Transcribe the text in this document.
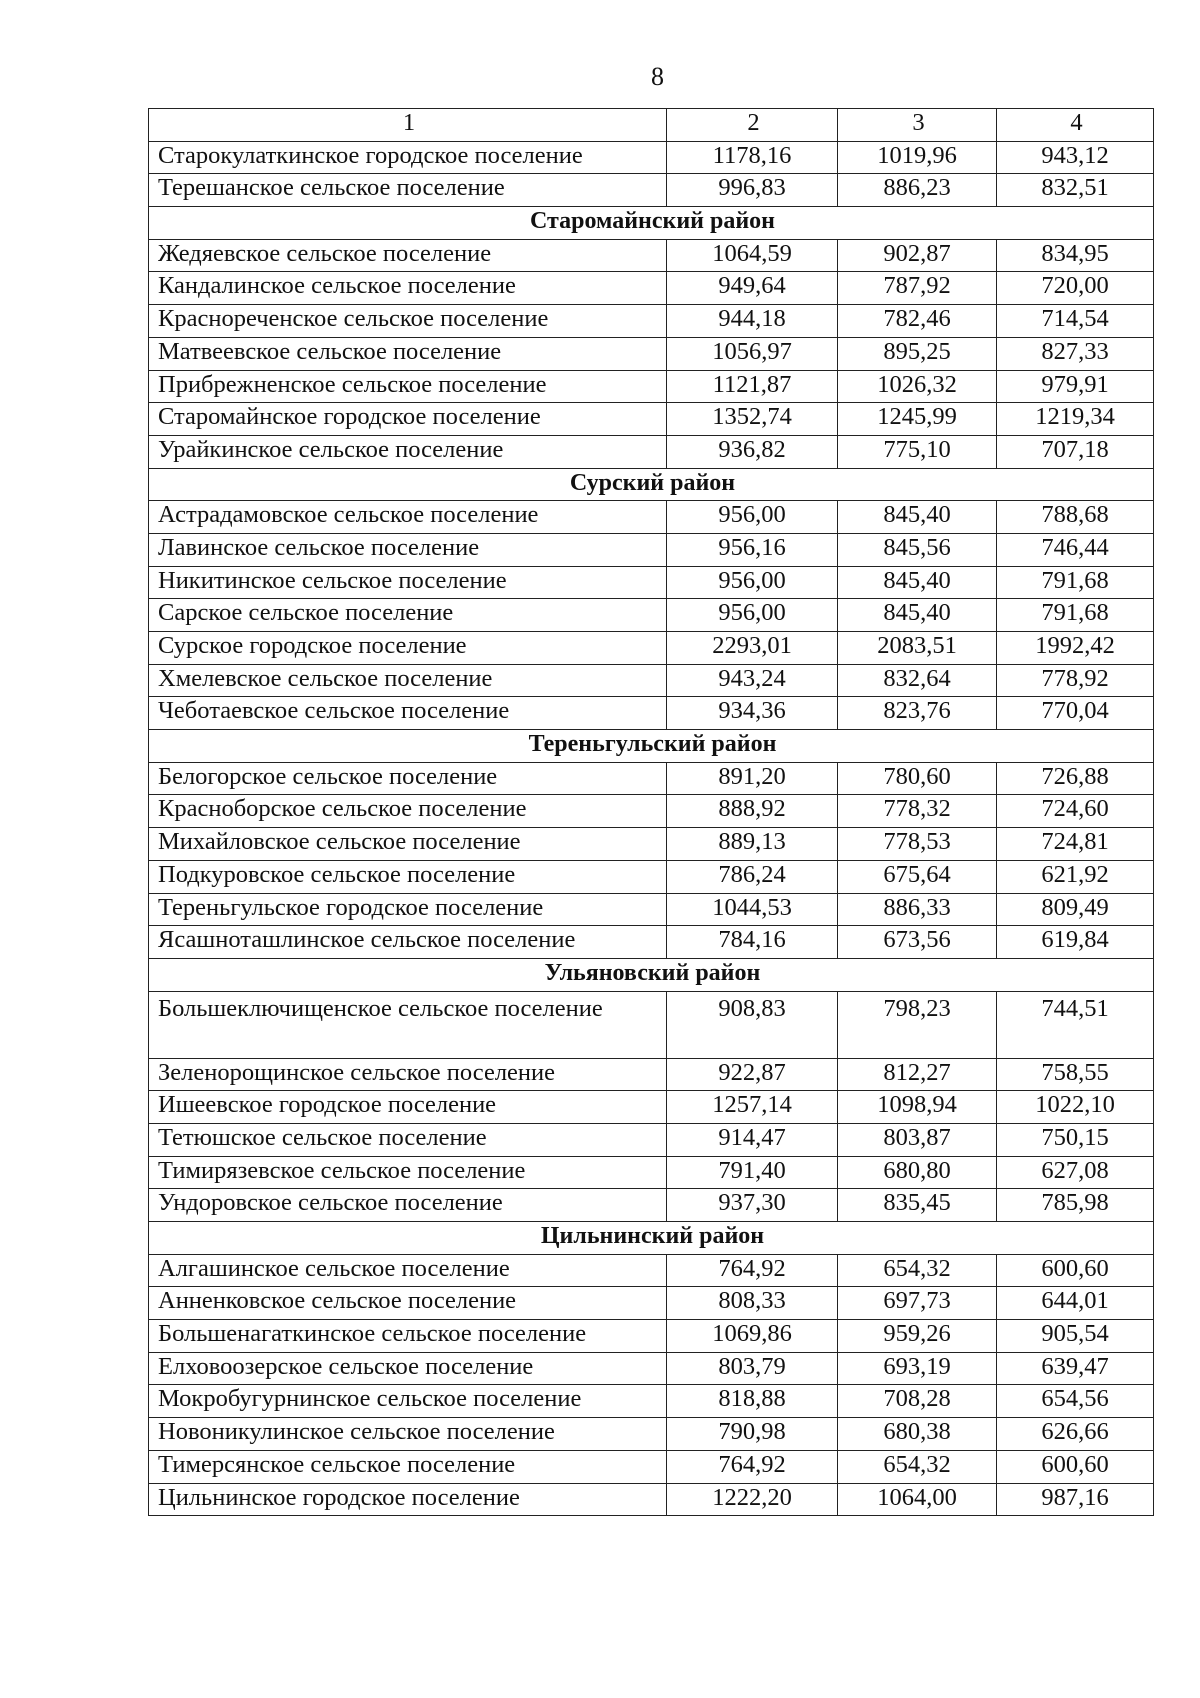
8
1	2	3	4
Старокулаткинское городское поселение	1178,16	1019,96	943,12
Терешанское сельское поселение	996,83	886,23	832,51
Старомайнский район			
Жедяевское сельское поселение	1064,59	902,87	834,95
Кандалинское сельское поселение	949,64	787,92	720,00
Краснореченское сельское поселение	944,18	782,46	714,54
Матвеевское сельское поселение	1056,97	895,25	827,33
Прибрежненское сельское поселение	1121,87	1026,32	979,91
Старомайнское городское поселение	1352,74	1245,99	1219,34
Урайкинское сельское поселение	936,82	775,10	707,18
Сурский район			
Астрадамовское сельское поселение	956,00	845,40	788,68
Лавинское сельское поселение	956,16	845,56	746,44
Никитинское сельское поселение	956,00	845,40	791,68
Сарское сельское поселение	956,00	845,40	791,68
Сурское городское поселение	2293,01	2083,51	1992,42
Хмелевское сельское поселение	943,24	832,64	778,92
Чеботаевское сельское поселение	934,36	823,76	770,04
Тереньгульский район			
Белогорское сельское поселение	891,20	780,60	726,88
Красноборское сельское поселение	888,92	778,32	724,60
Михайловское сельское поселение	889,13	778,53	724,81
Подкуровское сельское поселение	786,24	675,64	621,92
Тереньгульское городское поселение	1044,53	886,33	809,49
Ясашноташлинское сельское поселение	784,16	673,56	619,84
Ульяновский район			
Большеключищенское сельское поселение	908,83	798,23	744,51
Зеленорощинское сельское поселение	922,87	812,27	758,55
Ишеевское городское поселение	1257,14	1098,94	1022,10
Тетюшское сельское поселение	914,47	803,87	750,15
Тимирязевское сельское поселение	791,40	680,80	627,08
Ундоровское сельское поселение	937,30	835,45	785,98
Цильнинский район			
Алгашинское сельское поселение	764,92	654,32	600,60
Анненковское сельское поселение	808,33	697,73	644,01
Большенагаткинское сельское поселение	1069,86	959,26	905,54
Елховоозерское сельское поселение	803,79	693,19	639,47
Мокробугурнинское сельское поселение	818,88	708,28	654,56
Новоникулинское сельское поселение	790,98	680,38	626,66
Тимерсянское сельское поселение	764,92	654,32	600,60
Цильнинское городское поселение	1222,20	1064,00	987,16
